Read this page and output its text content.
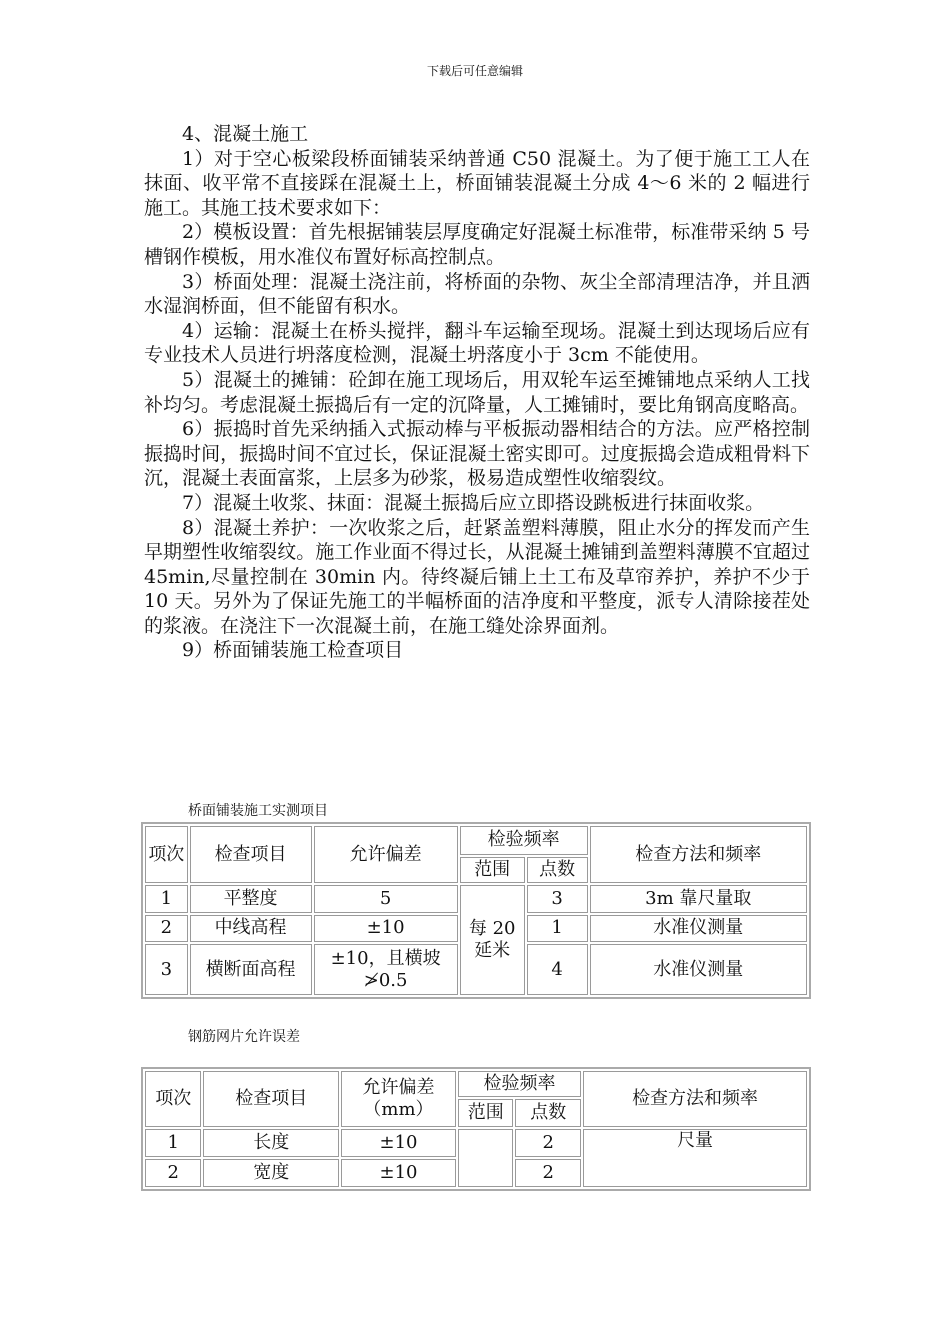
下载后可任意编辑

4、混凝土施工

1）对于空心板梁段桥面铺装采纳普通 C50 混凝土。为了便于施工工人在抹面、收平常不直接踩在混凝土上，桥面铺装混凝土分成 4～6 米的 2 幅进行施工。其施工技术要求如下：

2）模板设置：首先根据铺装层厚度确定好混凝土标准带，标准带采纳 5 号槽钢作模板，用水准仪布置好标高控制点。

3）桥面处理：混凝土浇注前，将桥面的杂物、灰尘全部清理洁净，并且洒水湿润桥面，但不能留有积水。

4）运输：混凝土在桥头搅拌，翻斗车运输至现场。混凝土到达现场后应有专业技术人员进行坍落度检测，混凝土坍落度小于 3cm 不能使用。

5）混凝土的摊铺：砼卸在施工现场后，用双轮车运至摊铺地点采纳人工找补均匀。考虑混凝土振捣后有一定的沉降量，人工摊铺时，要比角钢高度略高。

6）振捣时首先采纳插入式振动棒与平板振动器相结合的方法。应严格控制振捣时间，振捣时间不宜过长，保证混凝土密实即可。过度振捣会造成粗骨料下沉，混凝土表面富浆，上层多为砂浆，极易造成塑性收缩裂纹。

7）混凝土收浆、抹面：混凝土振捣后应立即搭设跳板进行抹面收浆。

8）混凝土养护：一次收浆之后，赶紧盖塑料薄膜，阻止水分的挥发而产生早期塑性收缩裂纹。施工作业面不得过长，从混凝土摊铺到盖塑料薄膜不宜超过 45min,尽量控制在 30min 内。待终凝后铺上土工布及草帘养护，养护不少于 10 天。另外为了保证先施工的半幅桥面的洁净度和平整度，派专人清除接茬处的浆液。在浇注下一次混凝土前，在施工缝处涂界面剂。

9）桥面铺装施工检查项目

桥面铺装施工实测项目
项次	检查项目	允许偏差	检验频率		检查方法和频率
			范围	点数	
1	平整度	5	每 20 延米	3	3m 靠尺量取
2	中线高程	±10		1	水准仪测量
3	横断面高程	±10，且横坡≯0.5		4	水准仪测量
钢筋网片允许误差
项次	检查项目	允许偏差（mm）	检验频率		检查方法和频率
			范围	点数	
1	长度	±10		2	尺量
2	宽度	±10		2	
